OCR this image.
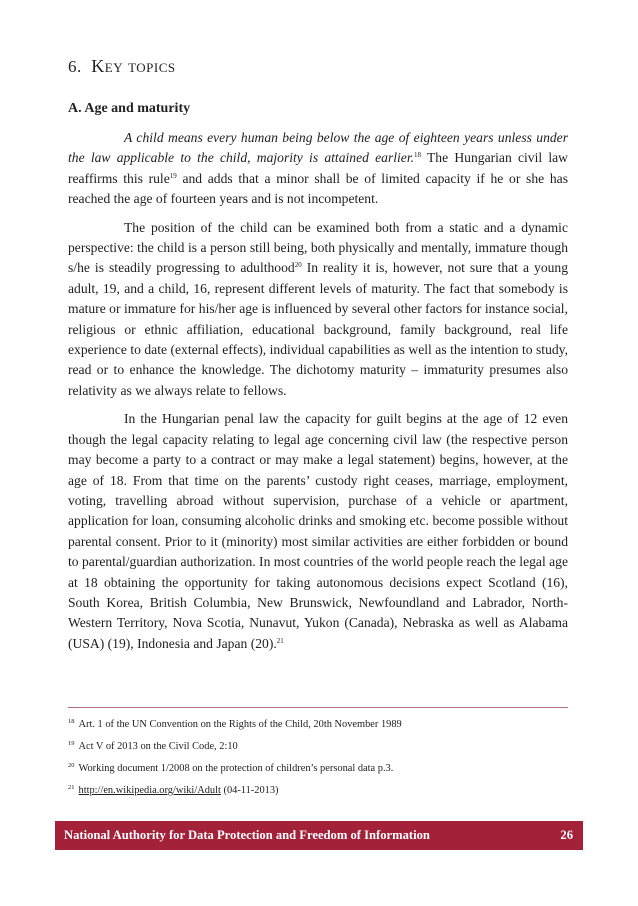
6. Key topics
A. Age and maturity

A child means every human being below the age of eighteen years unless under the law applicable to the child, majority is attained earlier.$^{18}$ The Hungarian civil law reaffirms this rule$^{19}$ and adds that a minor shall be of limited capacity if he or she has reached the age of fourteen years and is not incompetent.

The position of the child can be examined both from a static and a dynamic perspective: the child is a person still being, both physically and mentally, immature though s/he is steadily progressing to adulthood$^{20}$ In reality it is, however, not sure that a young adult, 19, and a child, 16, represent different levels of maturity. The fact that somebody is mature or immature for his/her age is influenced by several other factors for instance social, religious or ethnic affiliation, educational background, family background, real life experience to date (external effects), individual capabilities as well as the intention to study, read or to enhance the knowledge. The dichotomy maturity – immaturity presumes also relativity as we always relate to fellows.

In the Hungarian penal law the capacity for guilt begins at the age of 12 even though the legal capacity relating to legal age concerning civil law (the respective person may become a party to a contract or may make a legal statement) begins, however, at the age of 18. From that time on the parents’ custody right ceases, marriage, employment, voting, travelling abroad without supervision, purchase of a vehicle or apartment, application for loan, consuming alcoholic drinks and smoking etc. become possible without parental consent. Prior to it (minority) most similar activities are either forbidden or bound to parental/guardian authorization. In most countries of the world people reach the legal age at 18 obtaining the opportunity for taking autonomous decisions expect Scotland (16), South Korea, British Columbia, New Brunswick, Newfoundland and Labrador, North-Western Territory, Nova Scotia, Nunavut, Yukon (Canada), Nebraska as well as Alabama (USA) (19), Indonesia and Japan (20).$^{21}$

$^{18}$ Art. 1 of the UN Convention on the Rights of the Child, 20th November 1989
$^{19}$ Act V of 2013 on the Civil Code, 2:10
$^{20}$ Working document 1/2008 on the protection of children’s personal data p.3.
$^{21}$ http://en.wikipedia.org/wiki/Adult (04-11-2013)
National Authority for Data Protection and Freedom of Information	26
